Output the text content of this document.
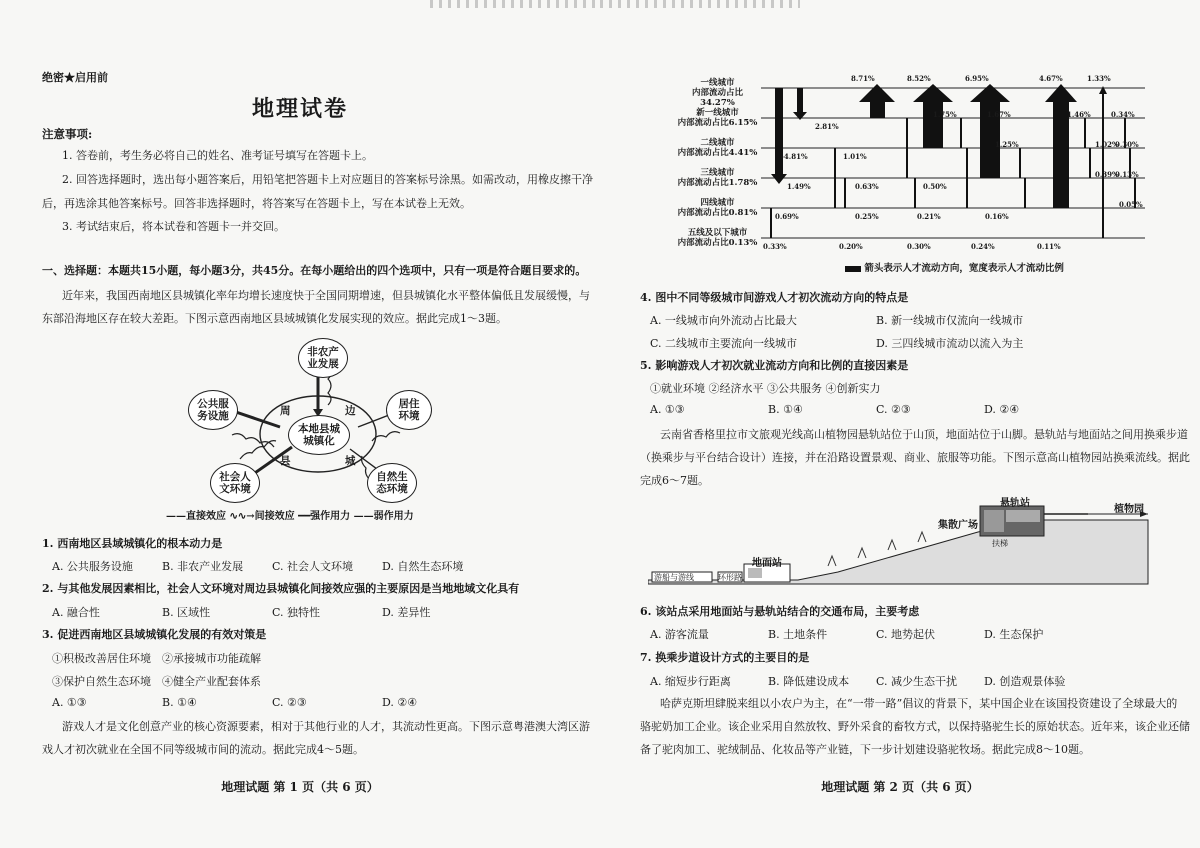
绝密★启用前
地理试卷
注意事项:
1. 答卷前，考生务必将自己的姓名、准考证号填写在答题卡上。
2. 回答选择题时，选出每小题答案后，用铅笔把答题卡上对应题目的答案标号涂黑。如需改动，用橡皮擦干净
后，再选涂其他答案标号。回答非选择题时，将答案写在答题卡上，写在本试卷上无效。
3. 考试结束后，将本试卷和答题卡一并交回。
一、选择题：本题共15小题，每小题3分，共45分。在每小题给出的四个选项中，只有一项是符合题目要求的。
近年来，我国西南地区县城镇化率年均增长速度快于全国同期增速，但县城镇化水平整体偏低且发展缓慢，与
东部沿海地区存在较大差距。下图示意西南地区县域城镇化发展实现的效应。据此完成1～3题。
非农产
业发展
公共服
务设施
居住
环境
社会人
文环境
自然生
态环境
本地县城
城镇化
周	边
县	城
——直接效应 ∿∿→间接效应 ━━强作用力 ——弱作用力
1. 西南地区县域城镇化的根本动力是
A. 公共服务设施	B. 非农产业发展	C. 社会人文环境	D. 自然生态环境
2. 与其他发展因素相比，社会人文环境对周边县城镇化间接效应强的主要原因是当地地域文化具有
A. 融合性	B. 区域性	C. 独特性	D. 差异性
3. 促进西南地区县域城镇化发展的有效对策是
①积极改善居住环境 ②承接城市功能疏解
③保护自然生态环境 ④健全产业配套体系
A. ①③	B. ①④	C. ②③	D. ②④
游戏人才是文化创意产业的核心资源要素，相对于其他行业的人才，其流动性更高。下图示意粤港澳大湾区游
戏人才初次就业在全国不同等级城市间的流动。据此完成4～5题。
地理试题 第 1 页（共 6 页）
一线城市
内部流动占比34.27%
新一线城市
内部流动占比6.15%
二线城市
内部流动占比4.41%
三线城市
内部流动占比1.78%
四线城市
内部流动占比0.81%
五线及以下城市
内部流动占比0.13%
8.71%	8.52%	6.95%	4.67%	1.33%
2.81%
-4.81%
1.75%	1.67%	1.46%	0.34%
1.01%
1.25%	1.02%
0.30%
1.49%	0.63%	0.50%
0.39%
0.13%
0.69%	0.25%	0.21%	0.16%
0.05%
0.33%	0.20%	0.30%	0.24%	0.11%
箭头表示人才流动方向，宽度表示人才流动比例
4. 图中不同等级城市间游戏人才初次流动方向的特点是
A. 一线城市向外流动占比最大	B. 新一线城市仅流向一线城市
C. 二线城市主要流向一线城市	D. 三四线城市流动以流入为主
5. 影响游戏人才初次就业流动方向和比例的直接因素是
①就业环境 ②经济水平 ③公共服务 ④创新实力
A. ①③	B. ①④	C. ②③	D. ②④
云南省香格里拉市文旅观光线高山植物园悬轨站位于山顶，地面站位于山脚。悬轨站与地面站之间用换乘步道
（换乘步与平台结合设计）连接，并在沿路设置景观、商业、旅服等功能。下图示意高山植物园站换乘流线。据此
完成6～7题。
悬轨站
植物园
集散广场
扶梯
地面站
环形路
游船与游线
6. 该站点采用地面站与悬轨站结合的交通布局，主要考虑
A. 游客流量	B. 土地条件	C. 地势起伏	D. 生态保护
7. 换乘步道设计方式的主要目的是
A. 缩短步行距离	B. 降低建设成本 C. 减少生态干扰 D. 创造观景体验
哈萨克斯坦肆脱来组以小农户为主，在“一带一路”倡议的背景下，某中国企业在该国投资建设了全球最大的
骆驼奶加工企业。该企业采用自然放牧、野外采食的畜牧方式，以保持骆驼生长的原始状态。近年来，该企业还储
备了驼肉加工、驼绒制品、化妆品等产业链，下一步计划建设骆驼牧场。据此完成8～10题。
地理试题 第 2 页（共 6 页）
